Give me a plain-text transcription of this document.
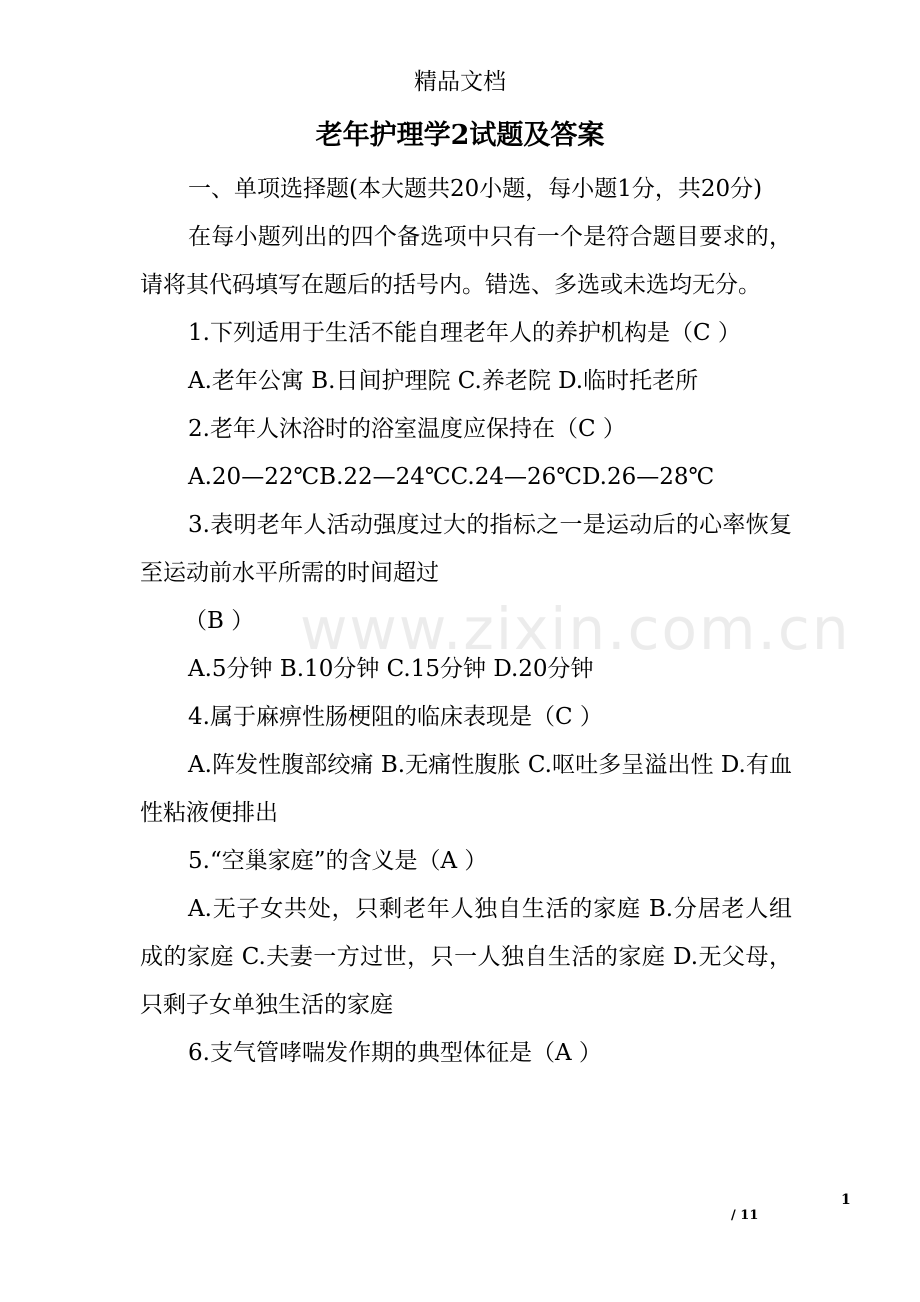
精品文档
老年护理学2试题及答案

一、单项选择题(本大题共20小题，每小题1分，共20分)

在每小题列出的四个备选项中只有一个是符合题目要求的，请将其代码填写在题后的括号内。错选、多选或未选均无分。

1.下列适用于生活不能自理老年人的养护机构是（C ）

A.老年公寓 B.日间护理院 C.养老院 D.临时托老所

2.老年人沐浴时的浴室温度应保持在（C ）

A.20—22℃B.22—24℃C.24—26℃D.26—28℃

3.表明老年人活动强度过大的指标之一是运动后的心率恢复至运动前水平所需的时间超过

（B ）

A.5分钟 B.10分钟 C.15分钟 D.20分钟

4.属于麻痹性肠梗阻的临床表现是（C ）

A.阵发性腹部绞痛 B.无痛性腹胀 C.呕吐多呈溢出性 D.有血性粘液便排出

5.“空巢家庭”的含义是（A ）

A.无子女共处，只剩老年人独自生活的家庭 B.分居老人组成的家庭 C.夫妻一方过世，只一人独自生活的家庭 D.无父母，只剩子女单独生活的家庭

6.支气管哮喘发作期的典型体征是（A ）

www.zixin.com.cn
1
/ 11
